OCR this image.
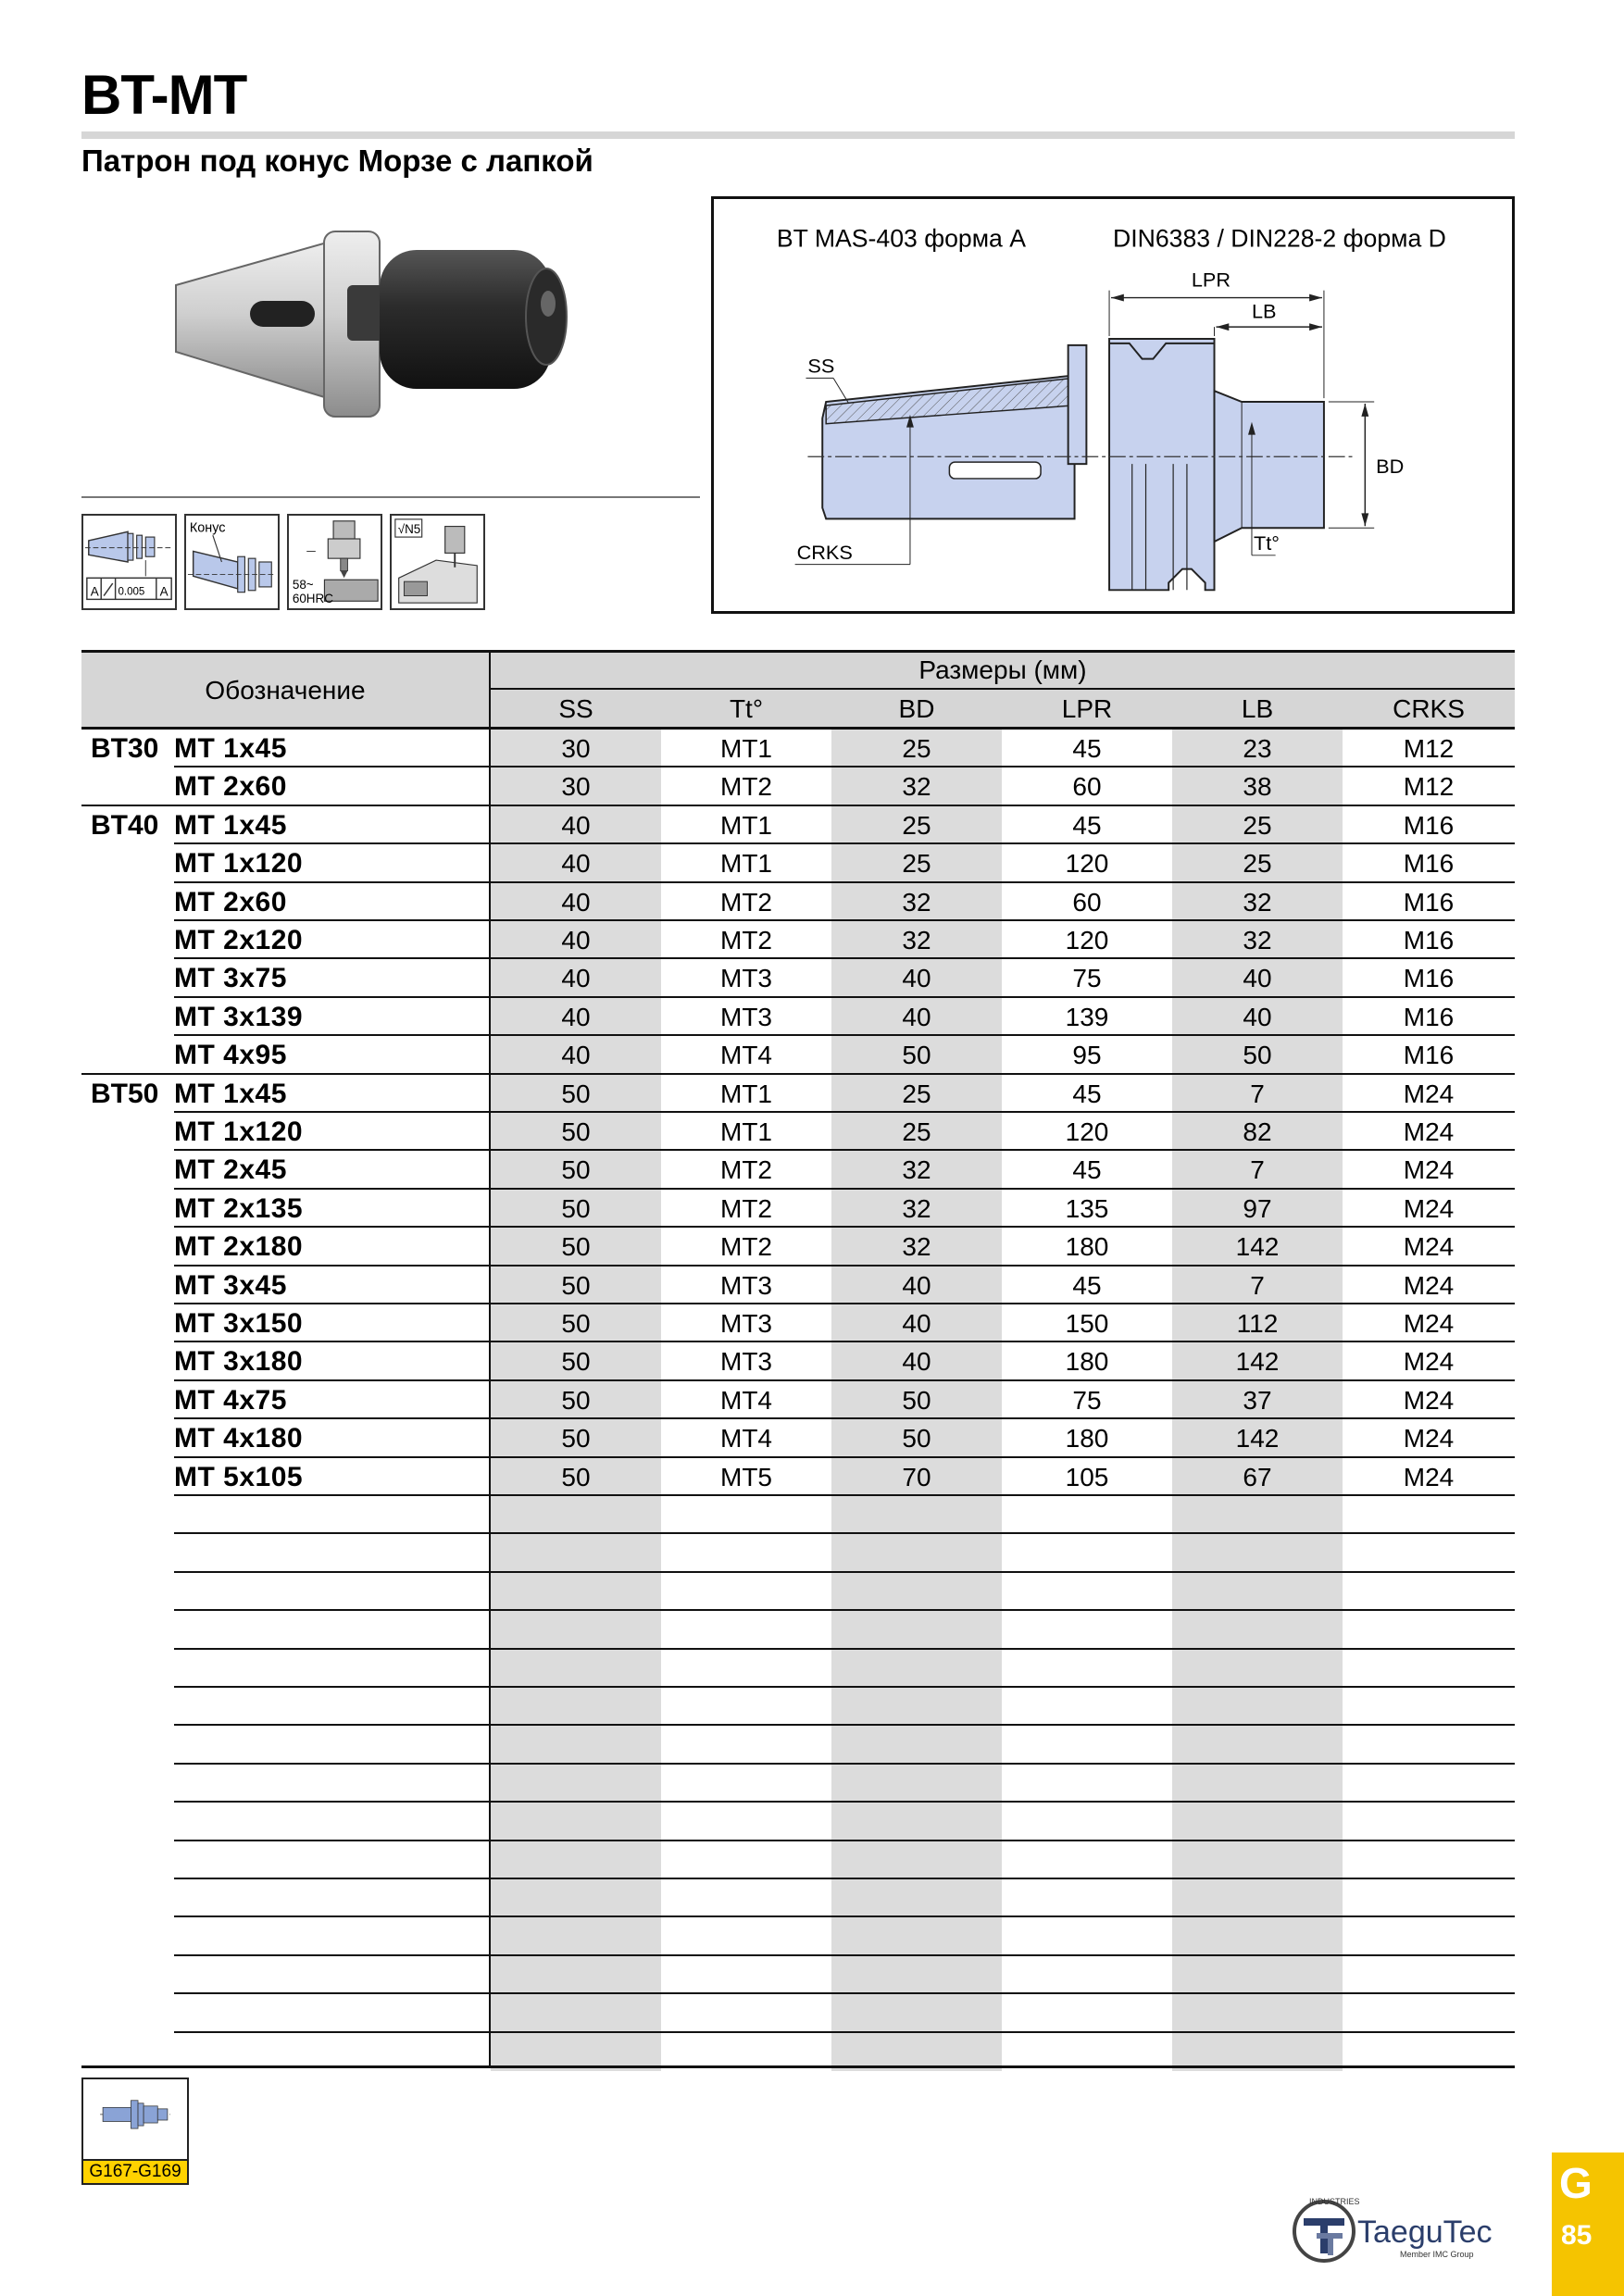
BT-MT
Патрон под конус Морзе с лапкой
A 0.005 A
Конус
58~
60HRC
√N5
BT MAS-403 форма A	DIN6383 / DIN228-2 форма D
LPR
LB
BD
SS
CRKS	Tt°
Обозначение
Размеры (мм)
SS	Tt°	BD	LPR	LB	CRKS
BT30 MT 1x45	30	MT1	25	45	23	M12
MT 2x60	30	MT2	32	60	38	M12
BT40 MT 1x45	40	MT1	25	45	25	M16
MT 1x120	40	MT1	25	120	25	M16
MT 2x60	40	MT2	32	60	32	M16
MT 2x120	40	MT2	32	120	32	M16
MT 3x75	40	MT3	40	75	40	M16
MT 3x139	40	MT3	40	139	40	M16
MT 4x95	40	MT4	50	95	50	M16
BT50 MT 1x45	50	MT1	25	45	7	M24
MT 1x120	50	MT1	25	120	82	M24
MT 2x45	50	MT2	32	45	7	M24
MT 2x135	50	MT2	32	135	97	M24
MT 2x180	50	MT2	32	180	142	M24
MT 3x45	50	MT3	40	45	7	M24
MT 3x150	50	MT3	40	150	112	M24
MT 3x180	50	MT3	40	180	142	M24
MT 4x75	50	MT4	50	75	37	M24
MT 4x180	50	MT4	50	180	142	M24
MT 5x105	50	MT5	70	105	67	M24
G167-G169
INDUSTRIES
TaeguTec
Member IMC Group
G
85
